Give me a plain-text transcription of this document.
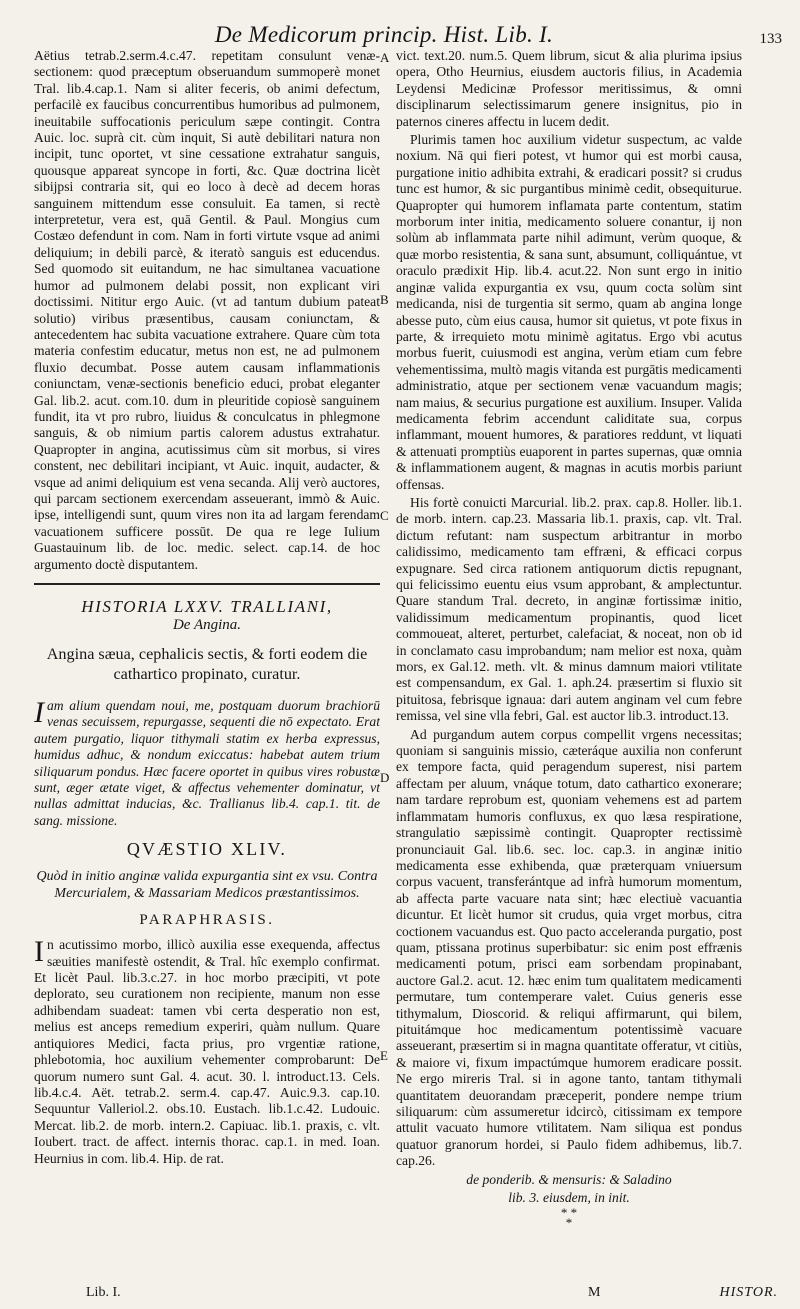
De Medicorum princip. Hist. Lib. I.	133

Aëtius tetrab.2.serm.4.c.47. repetitam consulunt venæ-sectionem: quod præceptum obseruandum summoperè monet Tral. lib.4.cap.1. Nam si aliter feceris, ob animi defectum, perfacilè ex faucibus concurrentibus humoribus ad pulmonem, ineuitabile suffocationis periculum sæpe contingit. Contra Auic. loc. suprà cit. cùm inquit, Si autè debilitari natura non incipit, tunc oportet, vt sine cessatione extrahatur sanguis, quousque appareat syncope in forti, &c. Quæ doctrina licèt sibijpsi contraria sit, qui eo loco à decè ad decem horas sanguinem mittendum esse consuluit. Ea tamen, si rectè interpretetur, vera est, quā Gentil. & Paul. Mongius cum Costæo defendunt in com. Nam in forti virtute vsque ad animi deliquium; in debili parcè, & iteratò sanguis est educendus. Sed quomodo sit euitandum, ne hac simultanea vacuatione humor ad pulmonem delabi possit, non explicant viri doctissimi. Nititur ergo Auic. (vt ad tantum dubium pateat solutio) viribus præsentibus, causam coniunctam, & antecedentem hac subita vacuatione extrahere. Quare cùm tota materia confestim educatur, metus non est, ne ad pulmonem fluxio decumbat. Posse autem causam inflammationis coniunctam, venæ-sectionis beneficio educi, probat eleganter Gal. lib.2. acut. com.10. dum in pleuritide copiosè sanguinem fundit, ita vt pro rubro, liuidus & conculcatus in phlegmone sanguis, & ob nimium partis calorem adustus extrahatur. Quapropter in angina, acutissimus cùm sit morbus, si vires constent, nec debilitari incipiant, vt Auic. inquit, audacter, & vsque ad animi deliquium est vena secanda. Alij verò auctores, qui parcam sectionem exercendam asseuerant, immò & Auic. ipse, intelligendi sunt, quum vires non ita ad largam ferendam vacuationem sufficere possūt. De qua re lege Iulium Guastauinum lib. de loc. medic. select. cap.14. de hoc argumento doctè disputantem.

HISTORIA LXXV. TRALLIANI,
De Angina.
Angina sæua, cephalicis sectis, & forti eodem die cathartico propinato, curatur.

Iam alium quendam noui, me, postquam duorum brachiorū venas secuissem, repurgasse, sequenti die nō expectato. Erat autem purgatio, liquor tithymali statim ex herba expressus, humidus adhuc, & nondum exiccatus: habebat autem trium siliquarum pondus. Hæc facere oportet in quibus vires robustæ sunt, æger ætate viget, & affectus vehementer dominatur, vt nullas admittat inducias, &c. Trallianus lib.4. cap.1. tit. de sang. missione.

QVÆSTIO XLIV.
Quòd in initio anginæ valida expurgantia sint ex vsu. Contra Mercurialem, & Massariam Medicos præstantissimos.
PARAPHRASIS.

In acutissimo morbo, illicò auxilia esse exequenda, affectus sæuities manifestè ostendit, & Tral. hîc exemplo confirmat. Et licèt Paul. lib.3.c.27. in hoc morbo præcipiti, vt pote deplorato, seu curationem non recipiente, manum non esse adhibendam suadeat: tamen vbi certa desperatio non est, melius est anceps remedium experiri, quàm nullum. Quare antiquiores Medici, facta prius, pro vrgentiæ ratione, phlebotomia, hoc auxilium vehementer comprobarunt: De quorum numero sunt Gal. 4. acut. 30. l. introduct.13. Cels. lib.4.c.4. Aët. tetrab.2. serm.4. cap.47. Auic.9.3. cap.10. Sequuntur Valleriol.2. obs.10. Eustach. lib.1.c.42. Ludouic. Mercat. lib.2. de morb. intern.2. Capiuac. lib.1. praxis, c. vlt. Ioubert. tract. de affect. internis thorac. cap.1. in med. Ioan. Heurnius in com. lib.4. Hip. de rat.

A
B
C
D
E

vict. text.20. num.5. Quem librum, sicut & alia plurima ipsius opera, Otho Heurnius, eiusdem auctoris filius, in Academia Leydensi Medicinæ Professor meritissimus, & omni disciplinarum selectissimarum genere insignitus, pio in paternos cineres affectu in lucem dedit.

Plurimis tamen hoc auxilium videtur suspectum, ac valde noxium. Nā qui fieri potest, vt humor qui est morbi causa, purgatione initio adhibita extrahi, & eradicari possit? si crudus tunc est humor, & sic purgantibus minimè cedit, obsequiturue. Quapropter qui humorem inflamata parte contentum, statim morborum inter initia, medicamento soluere conantur, ij non solùm ab inflammata parte nihil adimunt, verùm quoque, & quæ morbo resistentia, & sana sunt, absumunt, colliquántue, vt oraculo prædixit Hip. lib.4. acut.22. Non sunt ergo in initio anginæ valida expurgantia ex vsu, quum cocta solùm sint medicanda, nisi de turgentia sit sermo, quam ab angina longe abesse puto, cùm eius causa, humor sit quietus, vt pote fixus in parte, & irrequieto motu minimè agitatus. Ergo vbi acutus morbus fuerit, cuiusmodi est angina, verùm etiam cum febre vehementissima, multò magis vitanda est purgātis medicamenti administratio, atque per sectionem venæ vacuandum magis; nam maius, & securius purgatione est auxilium. Insuper. Valida medicamenta febrim accendunt caliditate sua, corpus inflammant, mouent humores, & paratiores reddunt, vt liquati & attenuati promptiùs euaporent in partes supernas, quæ omnia & inflammationem augent, & magnas in acutis morbis pariunt offensas.

His fortè conuicti Marcurial. lib.2. prax. cap.8. Holler. lib.1. de morb. intern. cap.23. Massaria lib.1. praxis, cap. vlt. Tral. dictum refutant: nam suspectum arbitrantur in morbo calidissimo, medicamento tam effræni, & efficaci corpus expugnare. Sed circa rationem antiquorum dictis repugnant, qui felicissimo euentu eius vsum approbant, & amplectuntur. Quare standum Tral. decreto, in anginæ fortissimæ initio, validissimum medicamentum propinantis, quod licet commoueat, alteret, perturbet, calefaciat, & noceat, non ob id in conclamato casu improbandum; nam melior est noxa, quàm mors, ex Gal.12. meth. vlt. & minus damnum maiori vtilitate est compensandum, ex Gal. 1. aph.24. præsertim si fluxio sit pituitosa, febrisque ignaua: dari autem anginam vel cum febre remissa, vel sine vlla febri, Gal. est auctor lib.3. introduct.13.

Ad purgandum autem corpus compellit vrgens necessitas; quoniam si sanguinis missio, cæteráque auxilia non conferunt ex tempore facta, quid peragendum superest, nisi partem affectam per aluum, vnáque totum, dato cathartico exonerare; nam tardare reprobum est, quoniam vehemens est ad partem inflammatam humoris confluxus, ex quo læsa respiratione, strangulatio sæpissimè contingit. Quapropter rectissimè pronunciauit Gal. lib.6. sec. loc. cap.3. in anginæ initio medicamenta esse exhibenda, quæ præterquam vniuersum corpus vacuent, transferántque ad infrà humorum momentum, ab affecta parte vacuare nata sint; hæc electiuè vacuantia dicuntur. Et licèt humor sit crudus, quia vrget morbus, citra coctionem vacuandus est. Quo pacto acceleranda purgatio, post quam, ptissana protinus superbibatur: sic enim post effrænis medicamenti potum, prisci eam sorbendam propinabant, auctore Gal.2. acut. 12. hæc enim tum qualitatem medicamenti permutare, tum contemperare valet. Cuius generis esse tithymalum, Dioscorid. & reliqui affirmarunt, qui bilem, pituitámque hoc medicamentum potentissimè vacuare asseuerant, præsertim si in magna quantitate offeratur, vt citiùs, & maiore vi, fixum impactúmque humorem eradicare possit. Ne ergo mireris Tral. si in agone tanto, tantam tithymali quantitatem deuorandam præceperit, pondere nempe trium siliquarum: cùm assumeretur idcircò, citissimam ex tempore attulit vacuato humore vtilitatem. Nam siliqua est pondus quatuor granorum hordei, si Paulo fidem adhibemus, lib.7. cap.26.

de ponderib. & mensuris: & Saladino
lib. 3. eiusdem, in init.
* *
*
Lib. I.	M	HISTOR.
